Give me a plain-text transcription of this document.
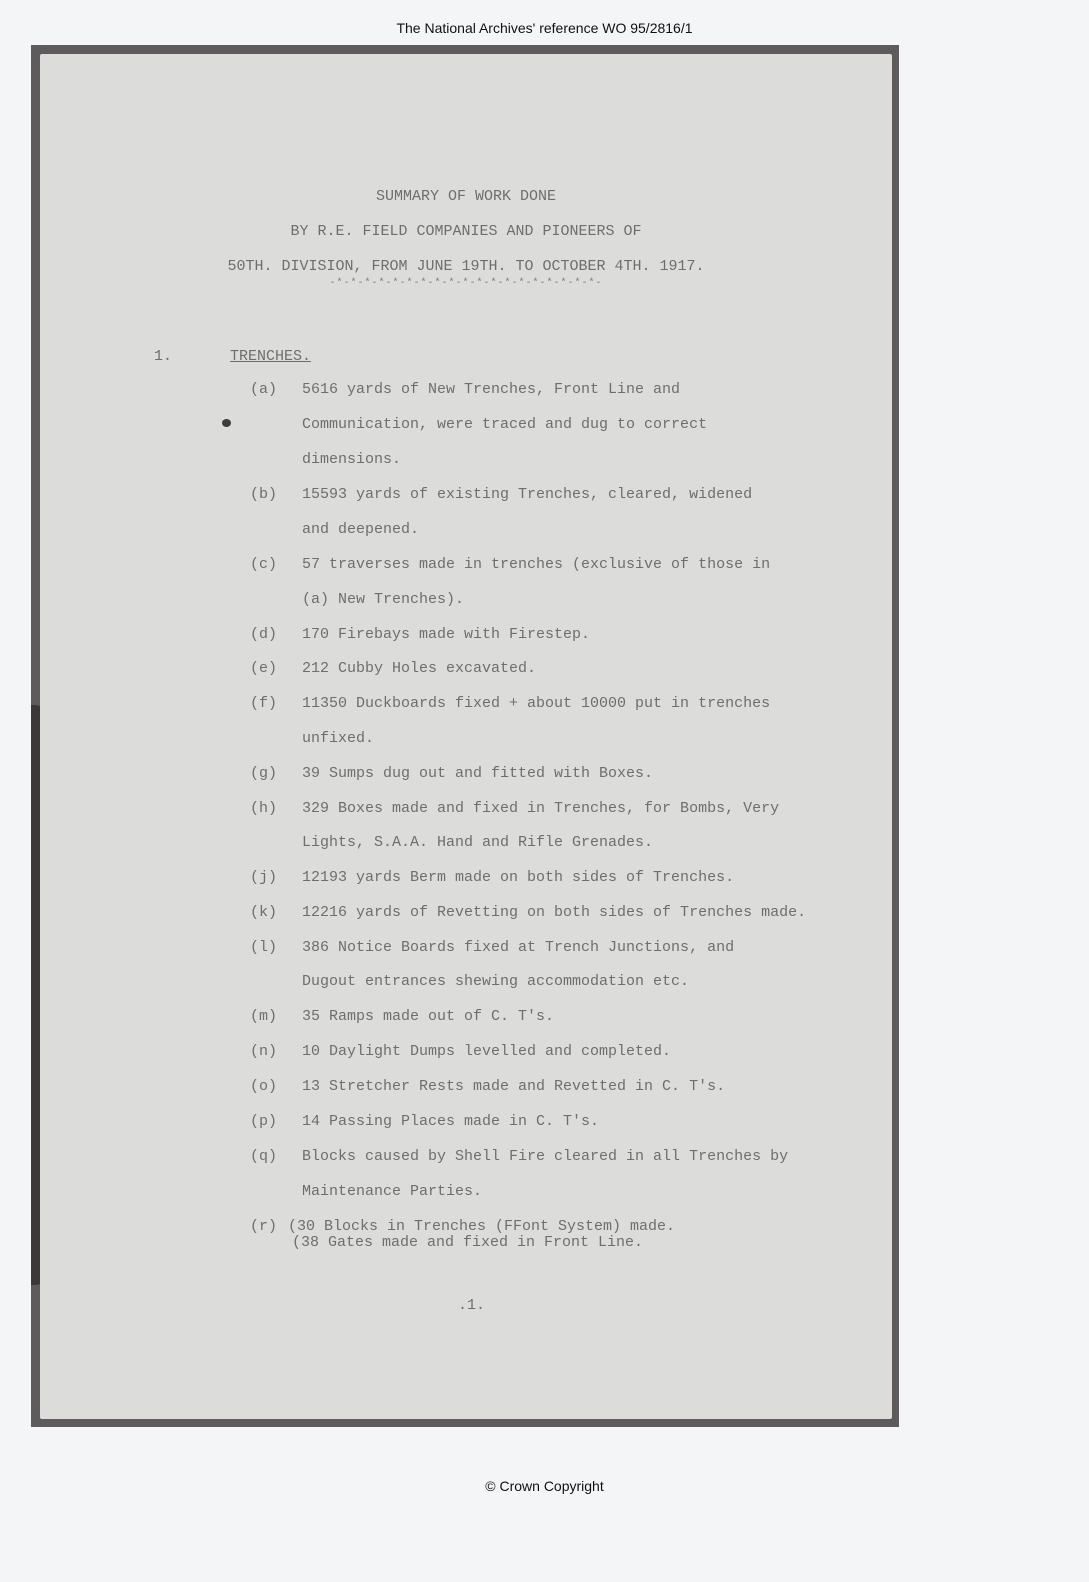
The National Archives' reference WO 95/2816/1
SUMMARY OF WORK DONE
BY R.E. FIELD COMPANIES AND PIONEERS OF
50TH. DIVISION, FROM JUNE 19TH. TO OCTOBER 4TH. 1917.
-*-*-*-*-*-*-*-*-*-*-*-*-*-*-*-*-*-*-*-
1.	TRENCHES.
(a) 5616 yards of New Trenches, Front Line and
Communication, were traced and dug to correct
dimensions.
(b) 15593 yards of existing Trenches, cleared, widened
and deepened.
(c) 57 traverses made in trenches (exclusive of those in
(a) New Trenches).
(d) 170 Firebays made with Firestep.
(e) 212 Cubby Holes excavated.
(f) 11350 Duckboards fixed + about 10000 put in trenches
unfixed.
(g) 39 Sumps dug out and fitted with Boxes.
(h) 329 Boxes made and fixed in Trenches, for Bombs, Very
Lights, S.A.A. Hand and Rifle Grenades.
(j) 12193 yards Berm made on both sides of Trenches.
(k) 12216 yards of Revetting on both sides of Trenches made.
(l) 386 Notice Boards fixed at Trench Junctions, and
Dugout entrances shewing accommodation etc.
(m) 35 Ramps made out of C. T's.
(n) 10 Daylight Dumps levelled and completed.
(o) 13 Stretcher Rests made and Revetted in C. T's.
(p) 14 Passing Places made in C. T's.
(q) Blocks caused by Shell Fire cleared in all Trenches by
Maintenance Parties.
(r) (30 Blocks in Trenches (FFont System) made.
(38 Gates made and fixed in Front Line.
.1.
© Crown Copyright
